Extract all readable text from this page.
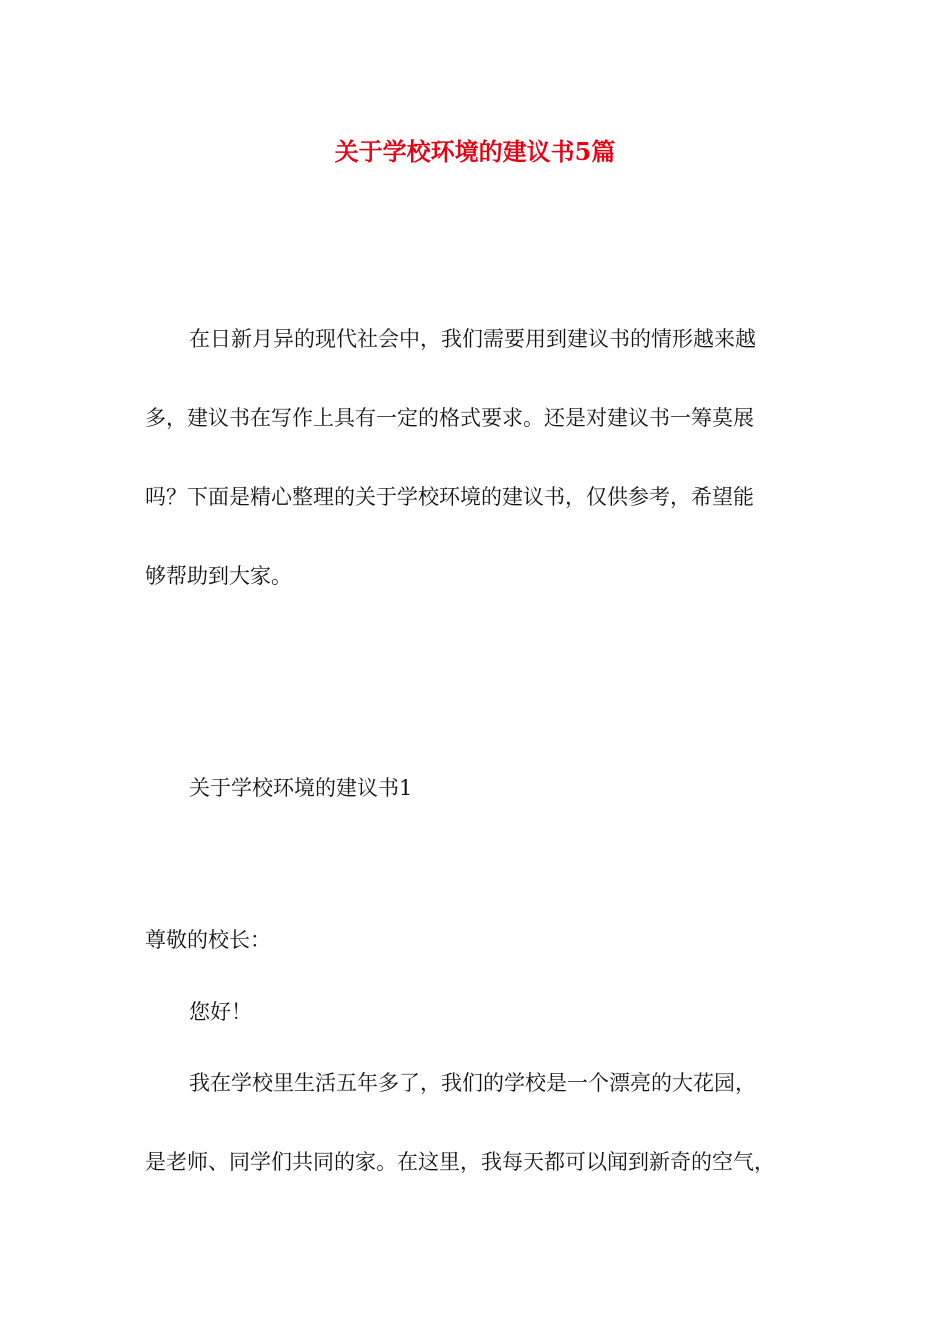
关于学校环境的建议书5篇
在日新月异的现代社会中，我们需要用到建议书的情形越来越
多，建议书在写作上具有一定的格式要求。还是对建议书一筹莫展
吗？下面是精心整理的关于学校环境的建议书，仅供参考，希望能
够帮助到大家。
关于学校环境的建议书1
尊敬的校长：
您好！
我在学校里生活五年多了，我们的学校是一个漂亮的大花园，
是老师、同学们共同的家。在这里，我每天都可以闻到新奇的空气，
